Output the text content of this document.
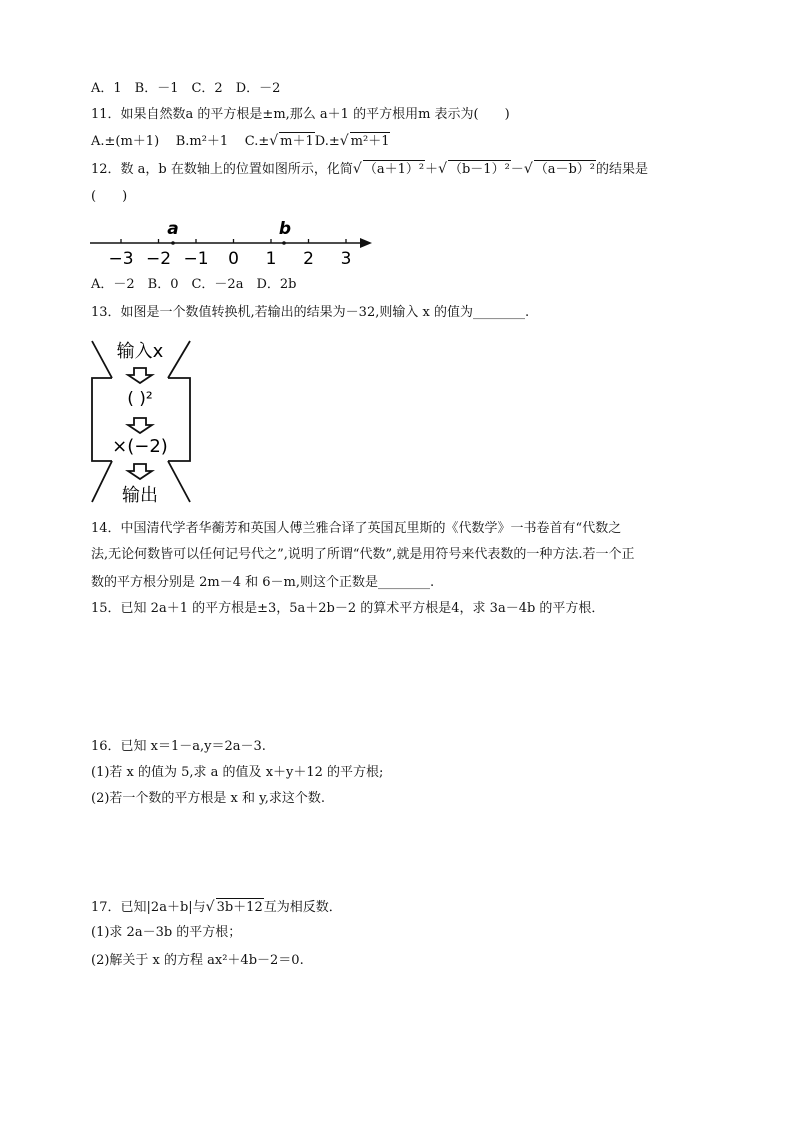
A．1　B．－1　C．2　D．－2
11．如果自然数a 的平方根是±m,那么 a＋1 的平方根用m 表示为(　　)
A.±(m＋1) B.m²＋1 C.±√ m＋1D.±√ m²＋1
12．数 a，b 在数轴上的位置如图所示，化简√ （a＋1）²＋√ （b－1）²－√ （a－b）²的结果是
(　　)
−3 −2 −1 0 1 2 3
a	b
A．－2　B．0　C．－2a　D．2b
13．如图是一个数值转换机,若输出的结果为－32,则输入 x 的值为________.
输入x
( )²
×(−2)
输出
14．中国清代学者华蘅芳和英国人傅兰雅合译了英国瓦里斯的《代数学》一书卷首有“代数之
法,无论何数皆可以任何记号代之”,说明了所谓“代数”,就是用符号来代表数的一种方法.若一个正
数的平方根分别是 2m－4 和 6－m,则这个正数是________.
15．已知 2a＋1 的平方根是±3，5a＋2b－2 的算术平方根是4，求 3a－4b 的平方根．
16．已知 x＝1－a,y＝2a－3.
(1)若 x 的值为 5,求 a 的值及 x＋y＋12 的平方根;
(2)若一个数的平方根是 x 和 y,求这个数.
17．已知|2a＋b|与√ 3b＋12互为相反数．
(1)求 2a－3b 的平方根；
(2)解关于 x 的方程 ax²＋4b－2＝0.
